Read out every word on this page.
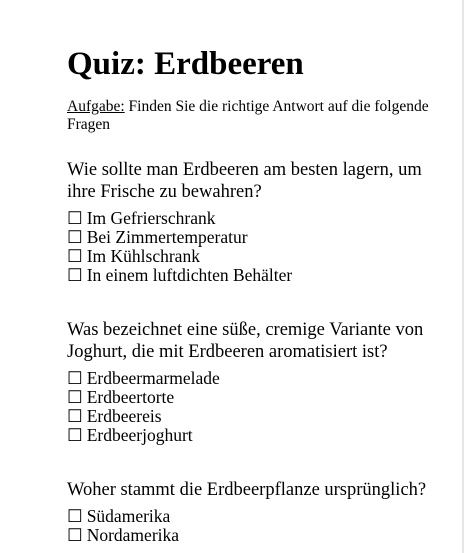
Quiz: Erdbeeren
Aufgabe: Finden Sie die richtige Antwort auf die folgende Fragen

Wie sollte man Erdbeeren am besten lagern, um ihre Frische zu bewahren?

☐ Im Gefrierschrank
☐ Bei Zimmertemperatur
☐ Im Kühlschrank
☐ In einem luftdichten Behälter

Was bezeichnet eine süße, cremige Variante von Joghurt, die mit Erdbeeren aromatisiert ist?

☐ Erdbeermarmelade
☐ Erdbeertorte
☐ Erdbeereis
☐ Erdbeerjoghurt

Woher stammt die Erdbeerpflanze ursprünglich?

☐ Südamerika
☐ Nordamerika
